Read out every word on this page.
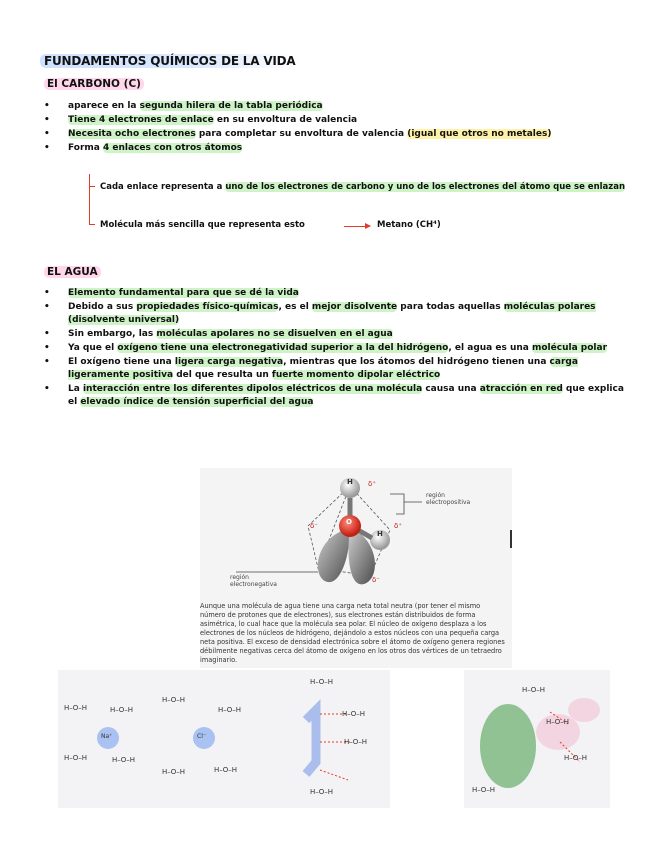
FUNDAMENTOS QUÍMICOS DE LA VIDA
El CARBONO (C)
• aparece en la segunda hilera de la tabla periódica
• Tiene 4 electrones de enlace en su envoltura de valencia
• Necesita ocho electrones para completar su envoltura de valencia (igual que otros no metales)
• Forma 4 enlaces con otros átomos
Cada enlace representa a uno de los electrones de carbono y uno de los electrones del átomo que se enlazan
Molécula más sencilla que representa esto	Metano (CH⁴)
EL AGUA
• Elemento fundamental para que se dé la vida
• Debido a sus propiedades físico-químicas, es el mejor disolvente para todas aquellas moléculas polares (disolvente universal)
• Sin embargo, las moléculas apolares no se disuelven en el agua
• Ya que el oxígeno tiene una electronegatividad superior a la del hidrógeno, el agua es una molécula polar
• El oxígeno tiene una ligera carga negativa, mientras que los átomos del hidrógeno tienen una carga ligeramente positiva del que resulta un fuerte momento dipolar eléctrico
• La interacción entre los diferentes dipolos eléctricos de una molécula causa una atracción en red que explica el elevado índice de tensión superficial del agua
H
H
O
δ⁺
δ⁺
δ⁻
δ⁻
región electropositiva
región electronegativa
Aunque una molécula de agua tiene una carga neta total neutra (por tener el mismo número de protones que de electrones), sus electrones están distribuidos de forma asimétrica, lo cual hace que la molécula sea polar. El núcleo de oxígeno desplaza a los electrones de los núcleos de hidrógeno, dejándolo a estos núcleos con una pequeña carga neta positiva. El exceso de densidad electrónica sobre el átomo de oxígeno genera regiones débilmente negativas cerca del átomo de oxígeno en los otros dos vértices de un tetraedro imaginario.
Na⁺	Cl⁻
H–O–H	H–O–H
H–O–H	H–O–H
H–O–H
H–O–H
H–O–H	H–O–H
H–O–H
H–O–H
H–O–H
H–O–H
H–O–H
H–O–H
H–O–H
H–O–H
